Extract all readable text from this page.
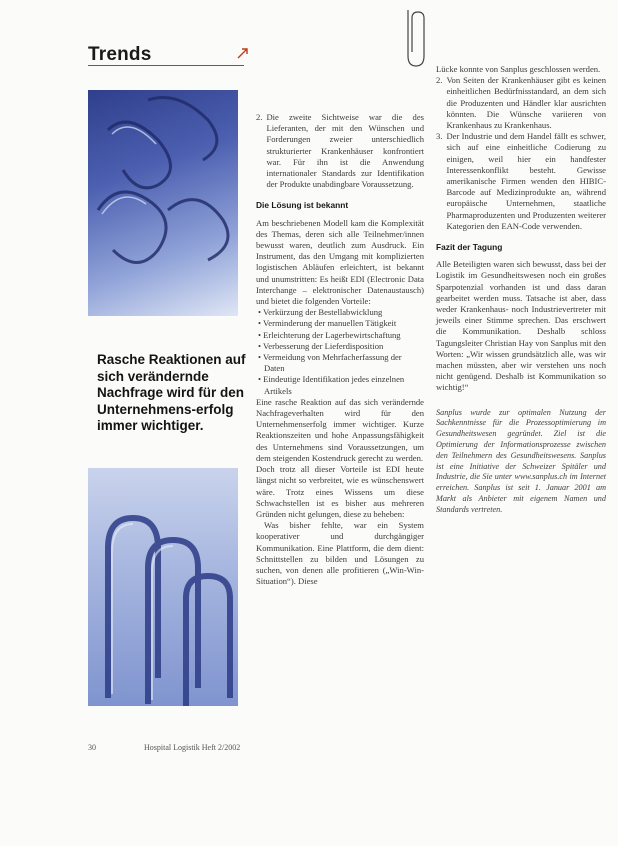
Trends
Rasche Reaktionen auf sich verändernde Nachfrage wird für den Unternehmens-erfolg immer wichtiger.
2. Die zweite Sichtweise war die des Lieferanten, der mit den Wünschen und Forderungen zweier unterschiedlich strukturierter Krankenhäuser konfrontiert war. Für ihn ist die Anwendung internationaler Standards zur Identifikation der Produkte unabdingbare Voraussetzung.
Die Lösung ist bekannt

Am beschriebenen Modell kam die Komplexität des Themas, deren sich alle Teilnehmer/innen bewusst waren, deutlich zum Ausdruck. Ein Instrument, das den Umgang mit komplizierten logistischen Abläufen erleichtert, ist bekannt und unumstritten: Es heißt EDI (Electronic Data Interchange – elektronischer Datenaustausch) und bietet die folgenden Vorteile:

• Verkürzung der Bestellabwicklung
• Verminderung der manuellen Tätigkeit
• Erleichterung der Lagerbewirtschaftung
• Verbesserung der Lieferdisposition
• Vermeidung von Mehrfacherfassung der Daten
• Eindeutige Identifikation jedes einzelnen Artikels

Eine rasche Reaktion auf das sich verändernde Nachfrageverhalten wird für den Unternehmenserfolg immer wichtiger. Kurze Reaktionszeiten und hohe Anpassungsfähigkeit des Unternehmens sind Voraussetzungen, um dem steigenden Kostendruck gerecht zu werden.

Doch trotz all dieser Vorteile ist EDI heute längst nicht so verbreitet, wie es wünschenswert wäre. Trotz eines Wissens um diese Schwachstellen ist es bisher aus mehreren Gründen nicht gelungen, diese zu beheben:

Was bisher fehlte, war ein System kooperativer und durchgängiger Kommunikation. Eine Plattform, die dem dient: Schnittstellen zu bilden und Lösungen zu suchen, von denen alle profitieren („Win-Win-Situation“). Diese

Lücke konnte von Sanplus geschlossen werden.

2. Von Seiten der Krankenhäuser gibt es keinen einheitlichen Bedürfnisstandard, an dem sich die Produzenten und Händler klar ausrichten könnten. Die Wünsche variieren von Krankenhaus zu Krankenhaus.
3. Der Industrie und dem Handel fällt es schwer, sich auf eine einheitliche Codierung zu einigen, weil hier ein handfester Interessenkonflikt besteht. Gewisse amerikanische Firmen wenden den HIBIC-Barcode auf Medizinprodukte an, während europäische Unternehmen, staatliche Pharmaproduzenten und Produzenten weiterer Kategorien den EAN-Code verwenden.
Fazit der Tagung

Alle Beteiligten waren sich bewusst, dass bei der Logistik im Gesundheitswesen noch ein großes Sparpotenzial vorhanden ist und dass daran gearbeitet werden muss. Tatsache ist aber, dass weder Krankenhaus- noch Industrievertreter mit jeweils einer Stimme sprechen. Das erschwert die Kommunikation. Deshalb schloss Tagungsleiter Christian Hay von Sanplus mit den Worten: „Wir wissen grundsätzlich alle, was wir machen müssten, aber wir verstehen uns noch nicht genügend. Deshalb ist Kommunikation so wichtig!“

Sanplus wurde zur optimalen Nutzung der Sachkenntnisse für die Prozessoptimierung im Gesundheitswesen gegründet. Ziel ist die Optimierung der Informationsprozesse zwischen den Teilnehmern des Gesundheitswesens. Sanplus ist eine Initiative der Schweizer Spitäler und Industrie, die Sie unter www.sanplus.ch im Internet erreichen. Sanplus ist seit 1. Januar 2001 am Markt als Anbieter mit eigenem Namen und Standards vertreten.
30	Hospital Logistik Heft 2/2002
